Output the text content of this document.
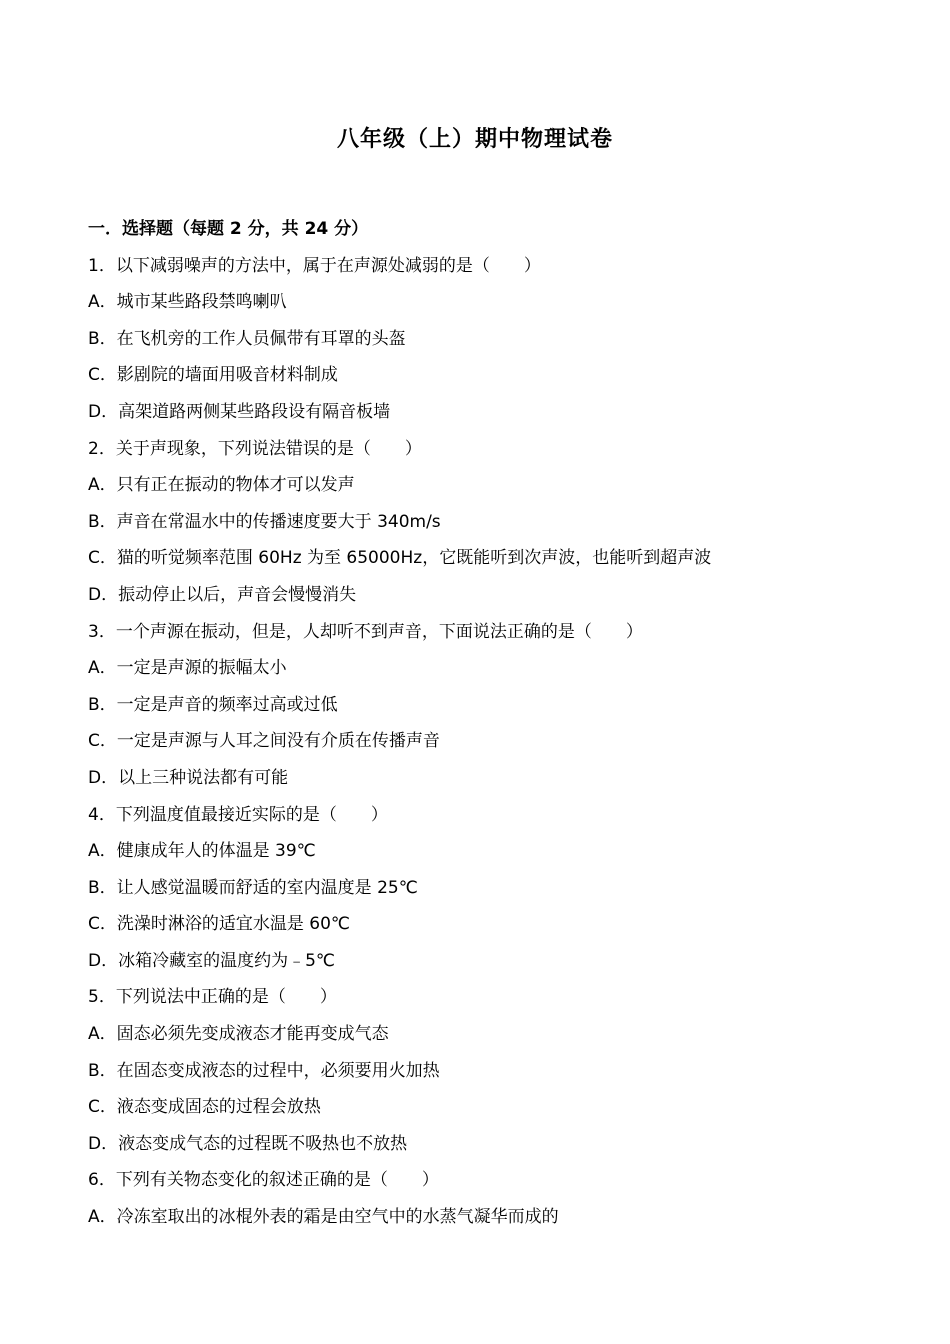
八年级（上）期中物理试卷
一．选择题（每题 2 分，共 24 分）
1．以下减弱噪声的方法中，属于在声源处减弱的是（　　）
A．城市某些路段禁鸣喇叭
B．在飞机旁的工作人员佩带有耳罩的头盔
C．影剧院的墙面用吸音材料制成
D．高架道路两侧某些路段设有隔音板墙
2．关于声现象，下列说法错误的是（　　）
A．只有正在振动的物体才可以发声
B．声音在常温水中的传播速度要大于 340m/s
C．猫的听觉频率范围 60Hz 为至 65000Hz，它既能听到次声波，也能听到超声波
D．振动停止以后，声音会慢慢消失
3．一个声源在振动，但是，人却听不到声音，下面说法正确的是（　　）
A．一定是声源的振幅太小
B．一定是声音的频率过高或过低
C．一定是声源与人耳之间没有介质在传播声音
D．以上三种说法都有可能
4．下列温度值最接近实际的是（　　）
A．健康成年人的体温是 39℃
B．让人感觉温暖而舒适的室内温度是 25℃
C．洗澡时淋浴的适宜水温是 60℃
D．冰箱冷藏室的温度约为﹣5℃
5．下列说法中正确的是（　　）
A．固态必须先变成液态才能再变成气态
B．在固态变成液态的过程中，必须要用火加热
C．液态变成固态的过程会放热
D．液态变成气态的过程既不吸热也不放热
6．下列有关物态变化的叙述正确的是（　　）
A．冷冻室取出的冰棍外表的霜是由空气中的水蒸气凝华而成的
